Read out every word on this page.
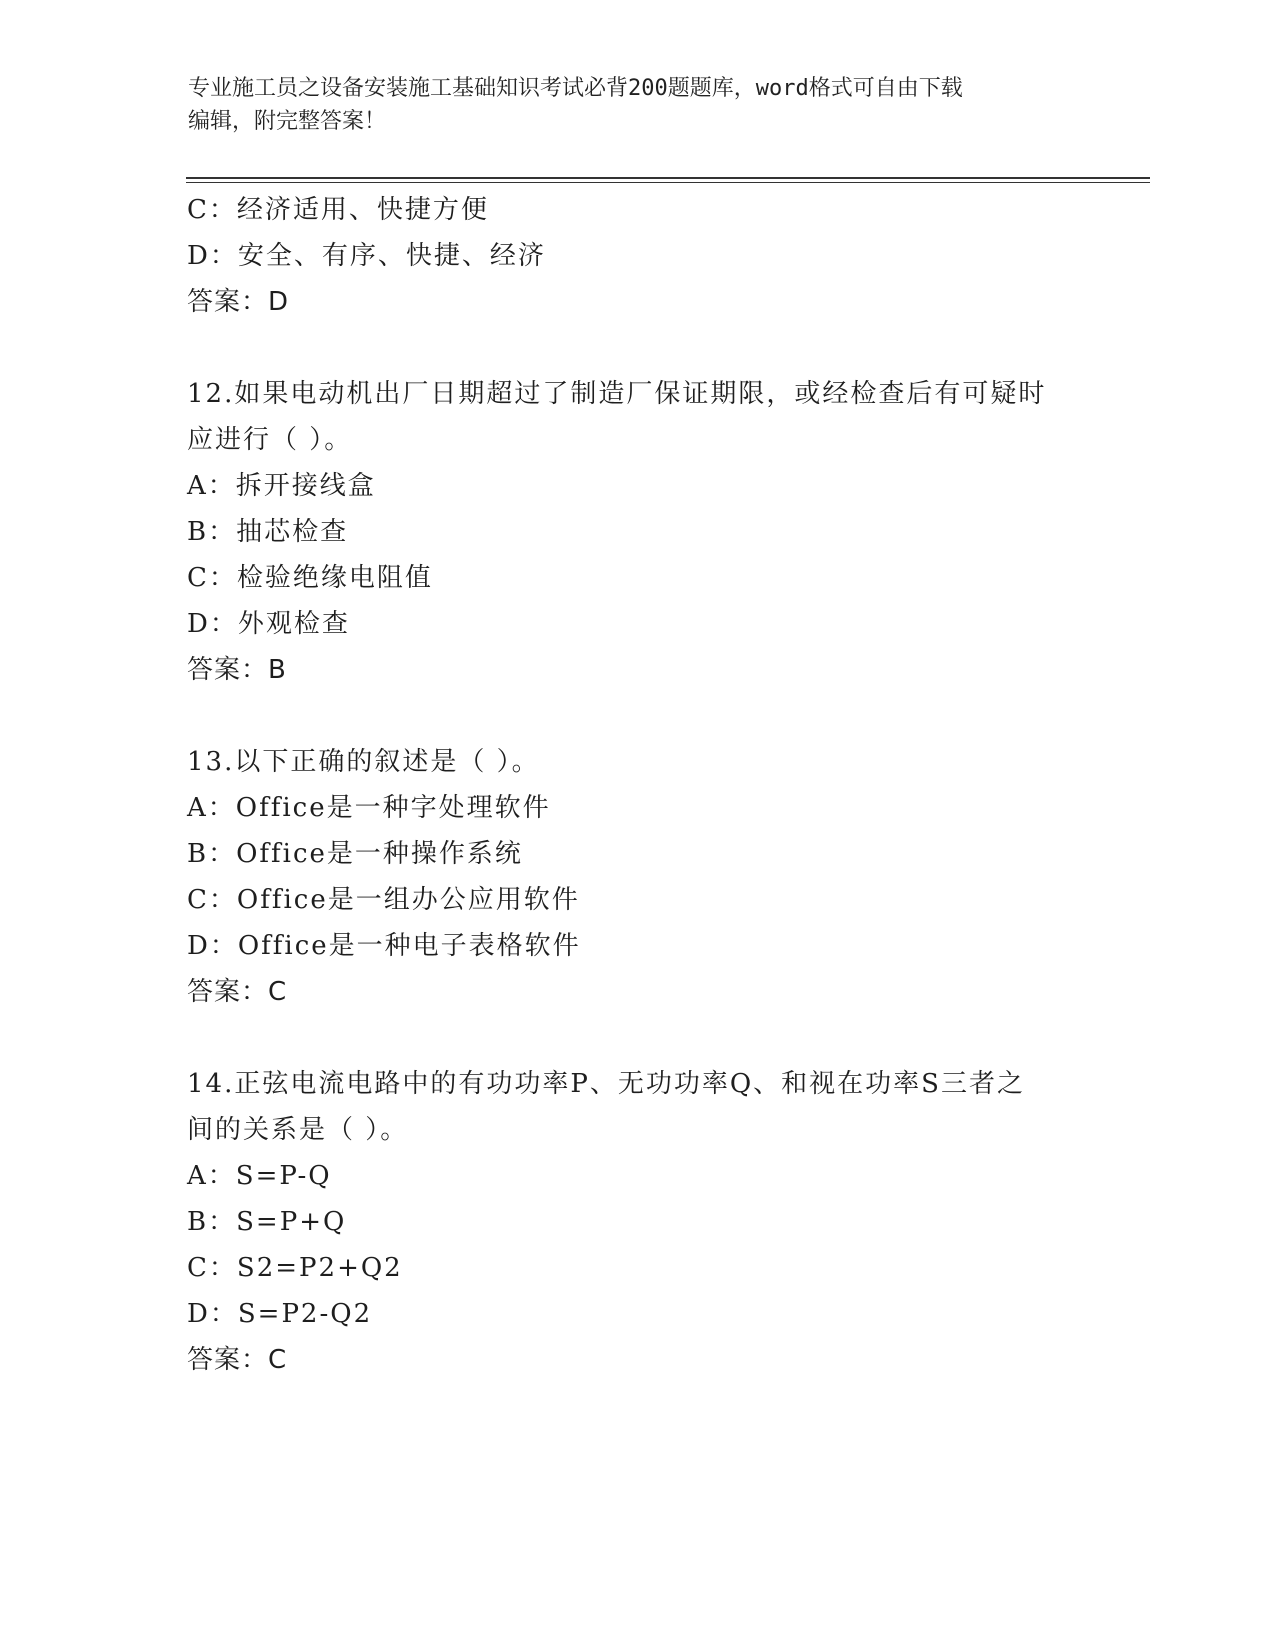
专业施工员之设备安装施工基础知识考试必背200题题库，word格式可自由下载
编辑，附完整答案！
C：经济适用、快捷方便
D：安全、有序、快捷、经济
答案：D
12.如果电动机出厂日期超过了制造厂保证期限，或经检查后有可疑时
应进行（ ）。
A：拆开接线盒
B：抽芯检查
C：检验绝缘电阻值
D：外观检查
答案：B
13.以下正确的叙述是（ ）。
A：Office是一种字处理软件
B：Office是一种操作系统
C：Office是一组办公应用软件
D：Office是一种电子表格软件
答案：C
14.正弦电流电路中的有功功率P、无功功率Q、和视在功率S三者之
间的关系是（ ）。
A：S=P-Q
B：S=P+Q
C：S2=P2+Q2
D：S=P2-Q2
答案：C
